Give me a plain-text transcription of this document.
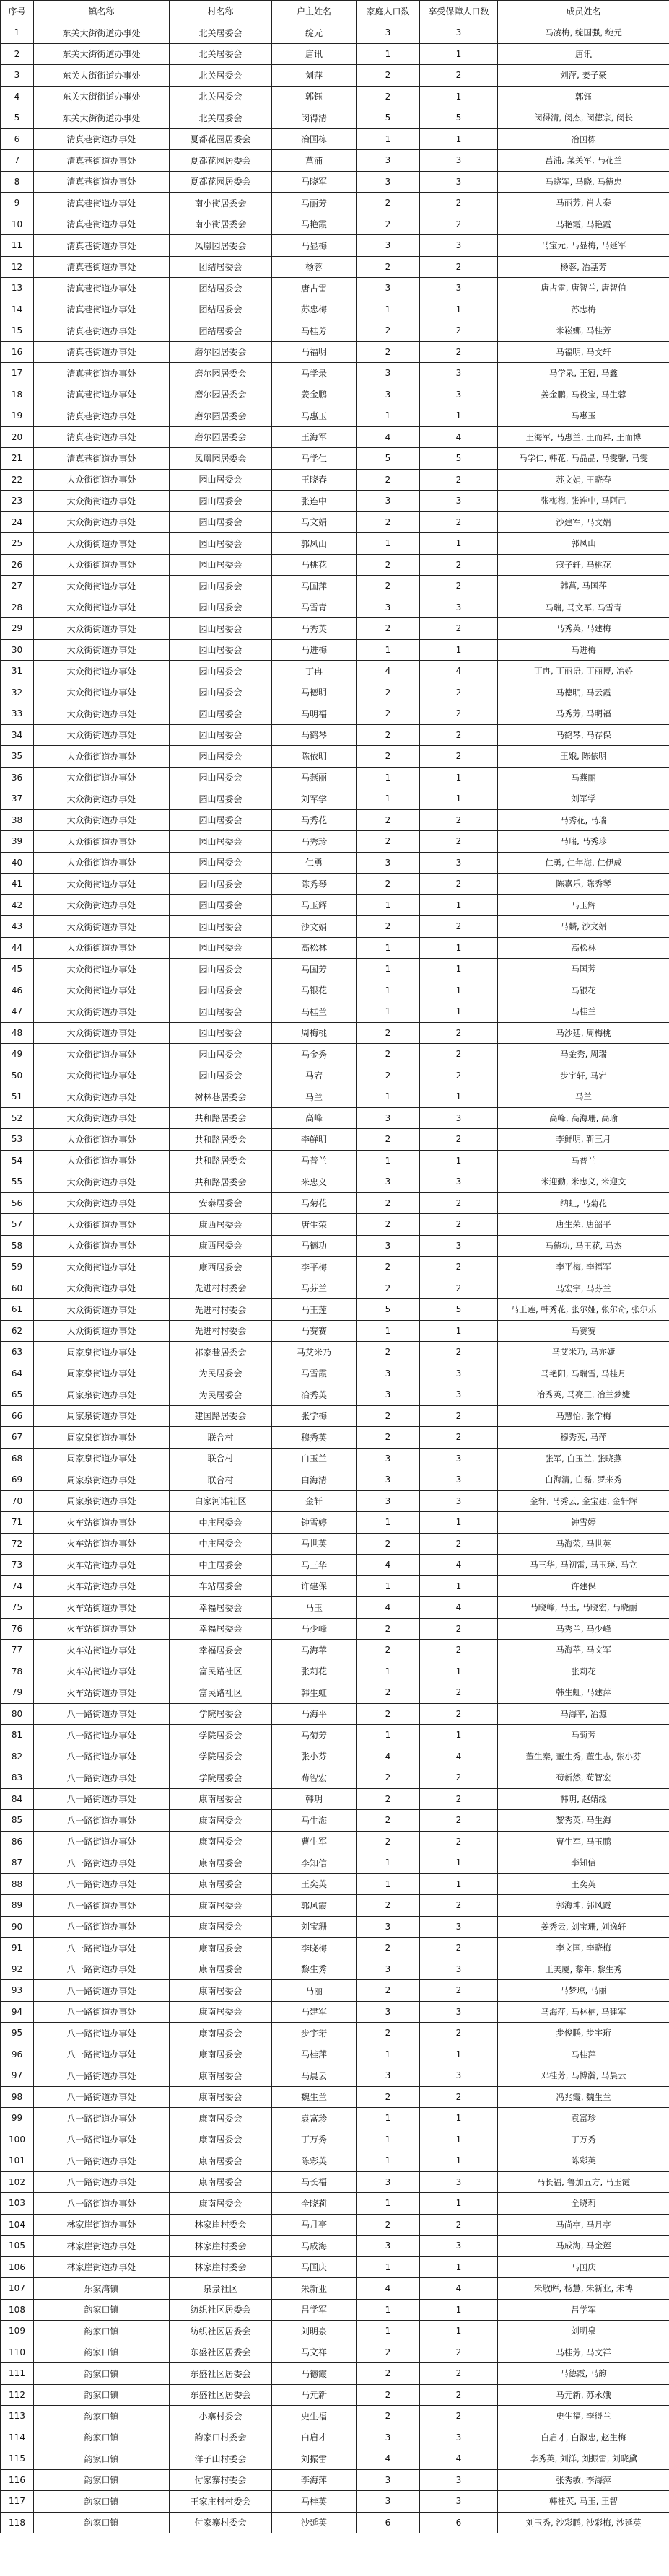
序号	镇名称	村名称	户主姓名	家庭人口数	享受保障人口数	成员姓名
1	东关大街街道办事处	北关居委会	绽元	3	3	马凌梅, 绽国强, 绽元
2	东关大街街道办事处	北关居委会	唐讯	1	1	唐讯
3	东关大街街道办事处	北关居委会	刘萍	2	2	刘萍, 姜子豪
4	东关大街街道办事处	北关居委会	郭钰	2	1	郭钰
5	东关大街街道办事处	北关居委会	闵得清	5	5	闵得清, 闵杰, 闵德宗, 闵长
6	清真巷街道办事处	夏都花园居委会	冶国栋	1	1	冶国栋
7	清真巷街道办事处	夏都花园居委会	菖浦	3	3	菖浦, 菜关军, 马花兰
8	清真巷街道办事处	夏都花园居委会	马晓军	3	3	马晓军, 马晓, 马德忠
9	清真巷街道办事处	南小街居委会	马丽芳	2	2	马丽芳, 肖大泰
10	清真巷街道办事处	南小街居委会	马艳霞	2	2	马艳霞, 马艳霞
11	清真巷街道办事处	凤凰园居委会	马显梅	3	3	马宝元, 马显梅, 马延军
12	清真巷街道办事处	团结居委会	杨蓉	2	2	杨蓉, 冶基芳
13	清真巷街道办事处	团结居委会	唐占雷	3	3	唐占雷, 唐智兰, 唐智伯
14	清真巷街道办事处	团结居委会	苏忠梅	1	1	苏忠梅
15	清真巷街道办事处	团结居委会	马桂芳	2	2	米崧娜, 马桂芳
16	清真巷街道办事处	磨尔园居委会	马福明	2	2	马福明, 马文轩
17	清真巷街道办事处	磨尔园居委会	马学录	3	3	马学录, 王冠, 马鑫
18	清真巷街道办事处	磨尔园居委会	姜金鹏	3	3	姜金鹏, 马役宝, 马生蓉
19	清真巷街道办事处	磨尔园居委会	马惠玉	1	1	马惠玉
20	清真巷街道办事处	磨尔园居委会	王海军	4	4	王海军, 马惠兰, 王而昇, 王而博
21	清真巷街道办事处	凤凰园居委会	马学仁	5	5	马学仁, 韩花, 马晶晶, 马雯馨, 马雯
22	大众街街道办事处	园山居委会	王晓春	2	2	苏文娟, 王晓春
23	大众街街道办事处	园山居委会	张连中	3	3	张梅梅, 张连中, 马阿己
24	大众街街道办事处	园山居委会	马文娟	2	2	沙建军, 马文娟
25	大众街街道办事处	园山居委会	郭凤山	1	1	郭凤山
26	大众街街道办事处	园山居委会	马桃花	2	2	寇子轩, 马桃花
27	大众街街道办事处	园山居委会	马国萍	2	2	韩菖, 马国萍
28	大众街街道办事处	园山居委会	马雪青	3	3	马瑞, 马文军, 马雪青
29	大众街街道办事处	园山居委会	马秀英	2	2	马秀英, 马建梅
30	大众街街道办事处	园山居委会	马进梅	1	1	马进梅
31	大众街街道办事处	园山居委会	丁冉	4	4	丁冉, 丁丽语, 丁丽博, 冶娇
32	大众街街道办事处	园山居委会	马德明	2	2	马德明, 马云霞
33	大众街街道办事处	园山居委会	马明福	2	2	马秀芳, 马明福
34	大众街街道办事处	园山居委会	马鹤琴	2	2	马鹤琴, 马存保
35	大众街街道办事处	园山居委会	陈依明	2	2	王娥, 陈依明
36	大众街街道办事处	园山居委会	马燕丽	1	1	马燕丽
37	大众街街道办事处	园山居委会	刘军学	1	1	刘军学
38	大众街街道办事处	园山居委会	马秀花	2	2	马秀花, 马瑞
39	大众街街道办事处	园山居委会	马秀珍	2	2	马瑞, 马秀珍
40	大众街街道办事处	园山居委会	仁勇	3	3	仁勇, 仁年海, 仁伊成
41	大众街街道办事处	园山居委会	陈秀琴	2	2	陈嘉乐, 陈秀琴
42	大众街街道办事处	园山居委会	马玉辉	1	1	马玉辉
43	大众街街道办事处	园山居委会	沙文娟	2	2	马麟, 沙文娟
44	大众街街道办事处	园山居委会	高松林	1	1	高松林
45	大众街街道办事处	园山居委会	马国芳	1	1	马国芳
46	大众街街道办事处	园山居委会	马银花	1	1	马银花
47	大众街街道办事处	园山居委会	马桂兰	1	1	马桂兰
48	大众街街道办事处	园山居委会	周梅桃	2	2	马沙廷, 周梅桃
49	大众街街道办事处	园山居委会	马金秀	2	2	马金秀, 周瑞
50	大众街街道办事处	园山居委会	马宕	2	2	步宇轩, 马宕
51	大众街街道办事处	树林巷居委会	马兰	1	1	马兰
52	大众街街道办事处	共和路居委会	高峰	3	3	高峰, 高海珊, 高瑜
53	大众街街道办事处	共和路居委会	李鲜明	2	2	李鲜明, 靳三月
54	大众街街道办事处	共和路居委会	马普兰	1	1	马普兰
55	大众街街道办事处	共和路居委会	米忠义	3	3	米迎勤, 米忠义, 米迎文
56	大众街街道办事处	安泰居委会	马菊花	2	2	纳虹, 马菊花
57	大众街街道办事处	康西居委会	唐生荣	2	2	唐生荣, 唐韶平
58	大众街街道办事处	康西居委会	马德功	3	3	马德功, 马玉花, 马杰
59	大众街街道办事处	康西居委会	李平梅	2	2	李平梅, 李福军
60	大众街街道办事处	先进村村委会	马芬兰	2	2	马宏宇, 马芬兰
61	大众街街道办事处	先进村村委会	马王莲	5	5	马王莲, 韩秀花, 张尔娅, 张尔奇, 张尔乐
62	大众街街道办事处	先进村村委会	马赛赛	1	1	马赛赛
63	周家泉街道办事处	祁家巷居委会	马艾米乃	2	2	马艾米乃, 马亦婕
64	周家泉街道办事处	为民居委会	马雪霞	3	3	马艳阳, 马瑞雪, 马桂月
65	周家泉街道办事处	为民居委会	冶秀英	3	3	冶秀英, 马亮三, 冶兰梦婕
66	周家泉街道办事处	建国路居委会	张学梅	2	2	马慧怡, 张学梅
67	周家泉街道办事处	联合村	穆秀英	2	2	穆秀英, 马萍
68	周家泉街道办事处	联合村	白玉兰	3	3	张军, 白玉兰, 张晓燕
69	周家泉街道办事处	联合村	白海清	3	3	白海清, 白磊, 罗来秀
70	周家泉街道办事处	白家河滩社区	金轩	3	3	金轩, 马秀云, 金宝建, 金轩辉
71	火车站街道办事处	中庄居委会	钟雪婷	1	1	钟雪婷
72	火车站街道办事处	中庄居委会	马世英	2	2	马海荣, 马世英
73	火车站街道办事处	中庄居委会	马三华	4	4	马三华, 马初雷, 马玉瑛, 马立
74	火车站街道办事处	车站居委会	许建保	1	1	许建保
75	火车站街道办事处	幸福居委会	马玉	4	4	马晓峰, 马玉, 马晓宏, 马晓丽
76	火车站街道办事处	幸福居委会	马少峰	2	2	马秀兰, 马少峰
77	火车站街道办事处	幸福居委会	马海苹	2	2	马海苹, 马文军
78	火车站街道办事处	富民路社区	张莉花	1	1	张莉花
79	火车站街道办事处	富民路社区	韩生虹	2	2	韩生虹, 马建萍
80	八一路街道办事处	学院居委会	马海平	2	2	马海平, 冶源
81	八一路街道办事处	学院居委会	马菊芳	1	1	马菊芳
82	八一路街道办事处	学院居委会	张小芬	4	4	董生秦, 董生秀, 董生志, 张小芬
83	八一路街道办事处	学院居委会	苟智宏	2	2	苟新然, 苟智宏
84	八一路街道办事处	康南居委会	韩玥	2	2	韩玥, 赵婧缘
85	八一路街道办事处	康南居委会	马生海	2	2	黎秀英, 马生海
86	八一路街道办事处	康南居委会	曹生军	2	2	曹生军, 马玉鹏
87	八一路街道办事处	康南居委会	李知信	1	1	李知信
88	八一路街道办事处	康南居委会	王奕英	1	1	王奕英
89	八一路街道办事处	康南居委会	郭风霞	2	2	郭海坤, 郭风霞
90	八一路街道办事处	康南居委会	刘宝珊	3	3	姜秀云, 刘宝珊, 刘逸轩
91	八一路街道办事处	康南居委会	李晓梅	2	2	李文国, 李晓梅
92	八一路街道办事处	康南居委会	黎生秀	3	3	王美厦, 黎年, 黎生秀
93	八一路街道办事处	康南居委会	马丽	2	2	马梦琼, 马丽
94	八一路街道办事处	康南居委会	马建军	3	3	马海萍, 马林楠, 马建军
95	八一路街道办事处	康南居委会	步宇珩	2	2	步俊鹏, 步宇珩
96	八一路街道办事处	康南居委会	马桂萍	1	1	马桂萍
97	八一路街道办事处	康南居委会	马晨云	3	3	邓桂芳, 马博瀚, 马晨云
98	八一路街道办事处	康南居委会	魏生兰	2	2	冯兆霞, 魏生兰
99	八一路街道办事处	康南居委会	袁富珍	1	1	袁富珍
100	八一路街道办事处	康南居委会	丁万秀	1	1	丁万秀
101	八一路街道办事处	康南居委会	陈彩英	1	1	陈彩英
102	八一路街道办事处	康南居委会	马长福	3	3	马长福, 鲁加五方, 马玉霞
103	八一路街道办事处	康南居委会	全晓莉	1	1	全晓莉
104	林家崖街道办事处	林家崖村委会	马月亭	2	2	马尚亭, 马月亭
105	林家崖街道办事处	林家崖村委会	马成海	3	3	马成海, 马金莲
106	林家崖街道办事处	林家崖村委会	马国庆	1	1	马国庆
107	乐家湾镇	泉景社区	朱新业	4	4	朱敬晖, 杨慧, 朱新业, 朱博
108	韵家口镇	纺织社区居委会	吕学军	1	1	吕学军
109	韵家口镇	纺织社区居委会	刘明泉	1	1	刘明泉
110	韵家口镇	东盛社区居委会	马文祥	2	2	马桂芳, 马文祥
111	韵家口镇	东盛社区居委会	马德霞	2	2	马德霞, 马韵
112	韵家口镇	东盛社区居委会	马元新	2	2	马元新, 苏永娥
113	韵家口镇	小寨村委会	史生福	2	2	史生福, 李得兰
114	韵家口镇	韵家口村委会	白启才	3	3	白启才, 白淑忠, 赵生梅
115	韵家口镇	洋子山村委会	刘振雷	4	4	李秀英, 刘洋, 刘振雷, 刘晓黛
116	韵家口镇	付家寨村委会	李海萍	3	3	张秀敏, 李海萍
117	韵家口镇	王家庄村村委会	马桂英	3	3	韩桂英, 马玉, 王智
118	韵家口镇	付家寨村委会	沙延英	6	6	刘玉秀, 沙彩鹏, 沙彩梅, 沙延英
